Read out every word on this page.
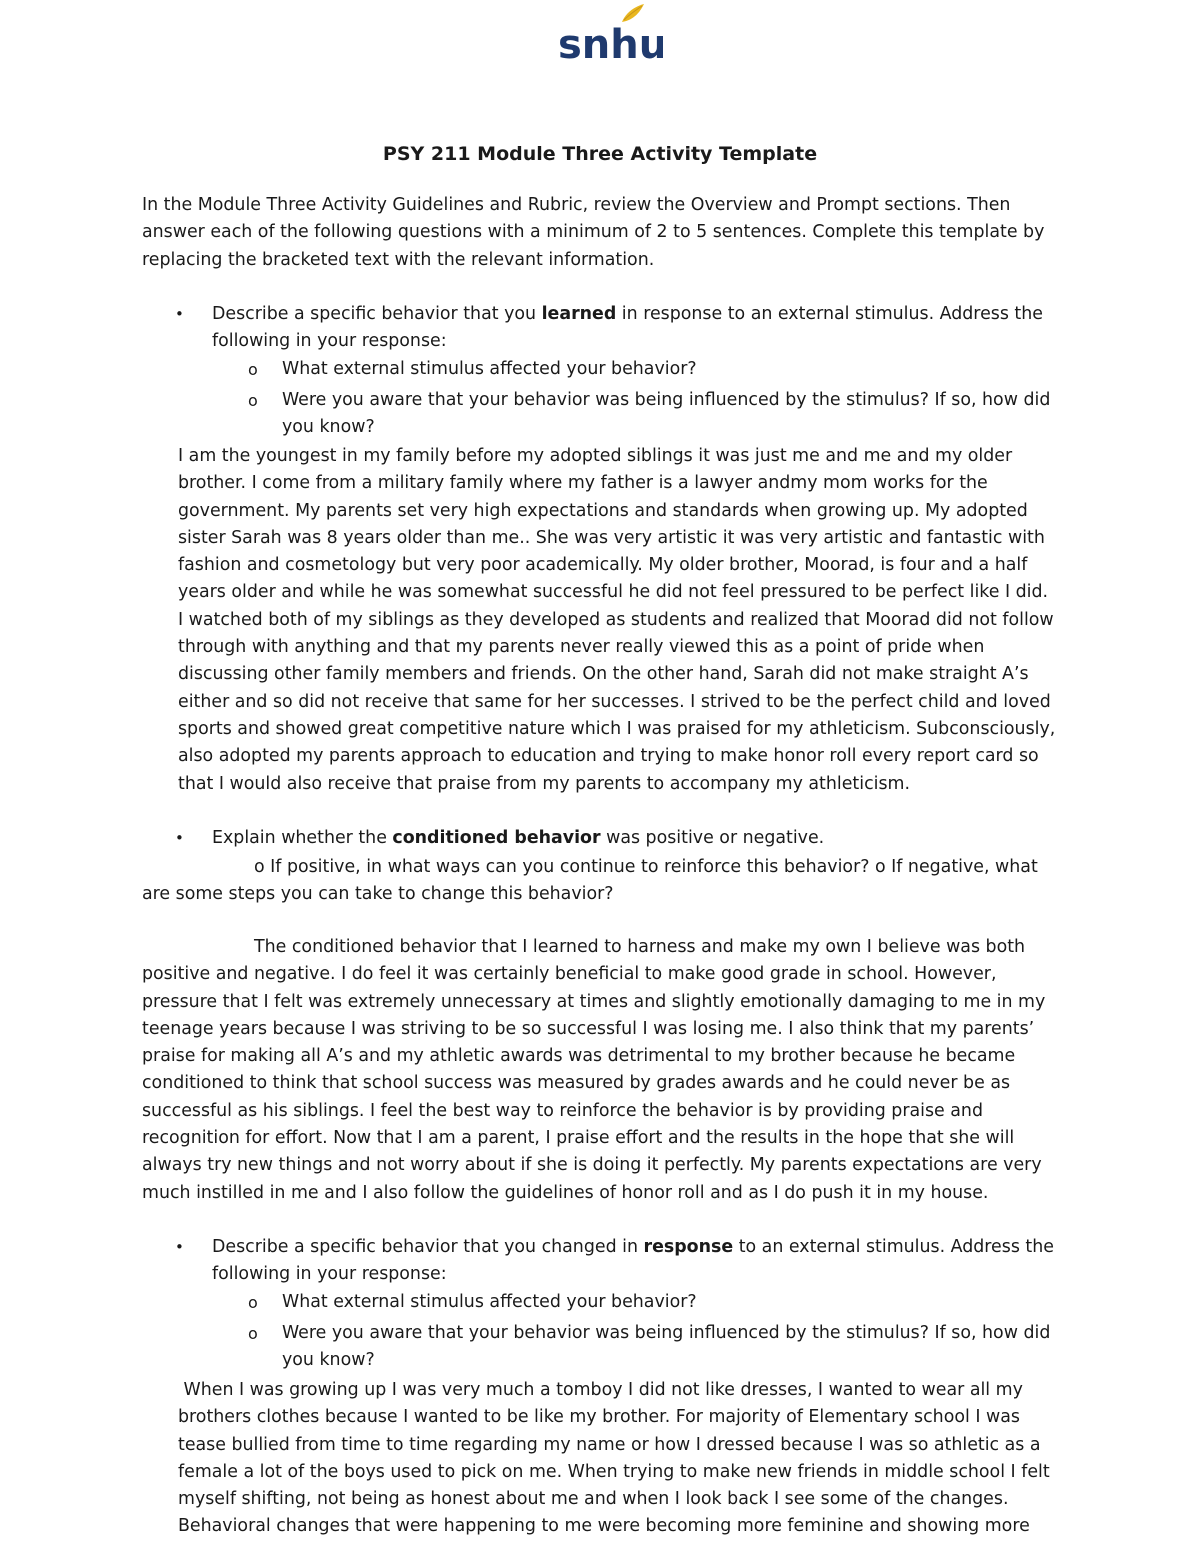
snhu
PSY 211 Module Three Activity Template

In the Module Three Activity Guidelines and Rubric, review the Overview and Prompt sections. Then
answer each of the following questions with a minimum of 2 to 5 sentences. Complete this template by
replacing the bracketed text with the relevant information.

• Describe a specific behavior that you learned in response to an external stimulus. Address the
following in your response:

o What external stimulus affected your behavior?

o Were you aware that your behavior was being influenced by the stimulus? If so, how did
you know?

I am the youngest in my family before my adopted siblings it was just me and me and my older
brother. I come from a military family where my father is a lawyer andmy mom works for the
government. My parents set very high expectations and standards when growing up. My adopted
sister Sarah was 8 years older than me.. She was very artistic it was very artistic and fantastic with
fashion and cosmetology but very poor academically. My older brother, Moorad, is four and a half
years older and while he was somewhat successful he did not feel pressured to be perfect like I did.
I watched both of my siblings as they developed as students and realized that Moorad did not follow
through with anything and that my parents never really viewed this as a point of pride when
discussing other family members and friends. On the other hand, Sarah did not make straight A’s
either and so did not receive that same for her successes. I strived to be the perfect child and loved
sports and showed great competitive nature which I was praised for my athleticism. Subconsciously,
also adopted my parents approach to education and trying to make honor roll every report card so
that I would also receive that praise from my parents to accompany my athleticism.

• Explain whether the conditioned behavior was positive or negative.

o If positive, in what ways can you continue to reinforce this behavior? o If negative, what
are some steps you can take to change this behavior?

The conditioned behavior that I learned to harness and make my own I believe was both
positive and negative. I do feel it was certainly beneficial to make good grade in school. However,
pressure that I felt was extremely unnecessary at times and slightly emotionally damaging to me in my
teenage years because I was striving to be so successful I was losing me. I also think that my parents’
praise for making all A’s and my athletic awards was detrimental to my brother because he became
conditioned to think that school success was measured by grades awards and he could never be as
successful as his siblings. I feel the best way to reinforce the behavior is by providing praise and
recognition for effort. Now that I am a parent, I praise effort and the results in the hope that she will
always try new things and not worry about if she is doing it perfectly. My parents expectations are very
much instilled in me and I also follow the guidelines of honor roll and as I do push it in my house.

• Describe a specific behavior that you changed in response to an external stimulus. Address the
following in your response:

o What external stimulus affected your behavior?

o Were you aware that your behavior was being influenced by the stimulus? If so, how did
you know?

When I was growing up I was very much a tomboy I did not like dresses, I wanted to wear all my
brothers clothes because I wanted to be like my brother. For majority of Elementary school I was
tease bullied from time to time regarding my name or how I dressed because I was so athletic as a
female a lot of the boys used to pick on me. When trying to make new friends in middle school I felt
myself shifting, not being as honest about me and when I look back I see some of the changes.
Behavioral changes that were happening to me were becoming more feminine and showing more
